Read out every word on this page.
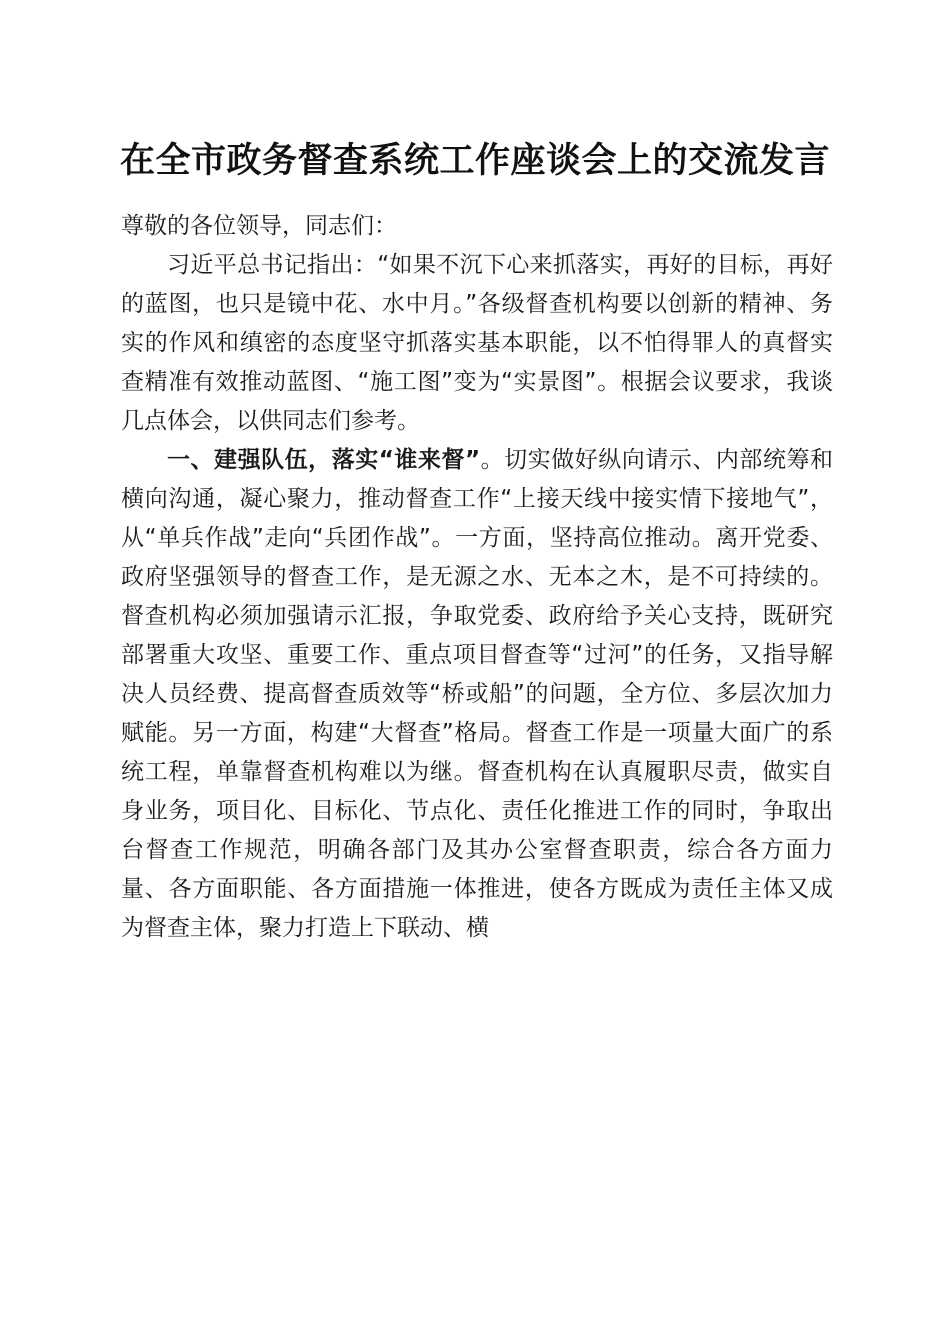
在全市政务督查系统工作座谈会上的交流发言

尊敬的各位领导，同志们：

习近平总书记指出：“如果不沉下心来抓落实，再好的目标，再好的蓝图，也只是镜中花、水中月。”各级督查机构要以创新的精神、务实的作风和缜密的态度坚守抓落实基本职能，以不怕得罪人的真督实查精准有效推动蓝图、“施工图”变为“实景图”。根据会议要求，我谈几点体会，以供同志们参考。

一、建强队伍，落实“谁来督”。切实做好纵向请示、内部统筹和横向沟通，凝心聚力，推动督查工作“上接天线中接实情下接地气”，从“单兵作战”走向“兵团作战”。一方面，坚持高位推动。离开党委、政府坚强领导的督查工作，是无源之水、无本之木，是不可持续的。督查机构必须加强请示汇报，争取党委、政府给予关心支持，既研究部署重大攻坚、重要工作、重点项目督查等“过河”的任务，又指导解决人员经费、提高督查质效等“桥或船”的问题，全方位、多层次加力赋能。另一方面，构建“大督查”格局。督查工作是一项量大面广的系统工程，单靠督查机构难以为继。督查机构在认真履职尽责，做实自身业务，项目化、目标化、节点化、责任化推进工作的同时，争取出台督查工作规范，明确各部门及其办公室督查职责，综合各方面力量、各方面职能、各方面措施一体推进，使各方既成为责任主体又成为督查主体，聚力打造上下联动、横
